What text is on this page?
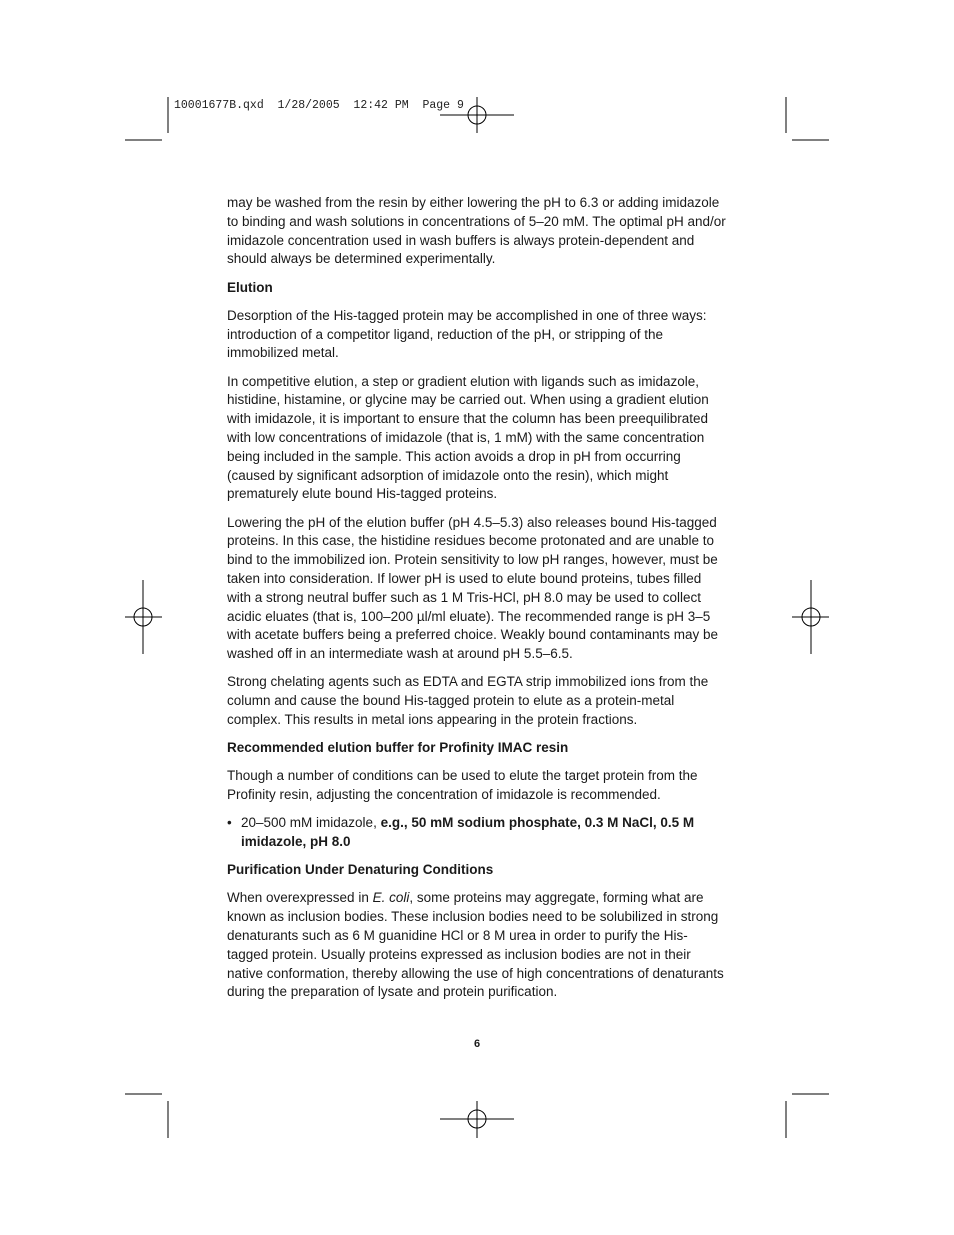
10001677B.qxd  1/28/2005  12:42 PM  Page 9

may be washed from the resin by either lowering the pH to 6.3 or adding imidazole to binding and wash solutions in concentrations of 5–20 mM. The optimal pH and/or imidazole concentration used in wash buffers is always protein-dependent and should always be determined experimentally.

Elution

Desorption of the His-tagged protein may be accomplished in one of three ways: introduction of a competitor ligand, reduction of the pH, or stripping of the immobilized metal.

In competitive elution, a step or gradient elution with ligands such as imidazole, histidine, histamine, or glycine may be carried out. When using a gradient elution with imidazole, it is important to ensure that the column has been preequilibrated with low concentrations of imidazole (that is, 1 mM) with the same concentration being included in the sample. This action avoids a drop in pH from occurring (caused by significant adsorption of imidazole onto the resin), which might prematurely elute bound His-tagged proteins.

Lowering the pH of the elution buffer (pH 4.5–5.3) also releases bound His-tagged proteins. In this case, the histidine residues become protonated and are unable to bind to the immobilized ion. Protein sensitivity to low pH ranges, however, must be taken into consideration. If lower pH is used to elute bound proteins, tubes filled with a strong neutral buffer such as 1 M Tris-HCl, pH 8.0 may be used to collect acidic eluates (that is, 100–200 µl/ml eluate). The recommended range is pH 3–5 with acetate buffers being a preferred choice. Weakly bound contaminants may be washed off in an intermediate wash at around pH 5.5–6.5.

Strong chelating agents such as EDTA and EGTA strip immobilized ions from the column and cause the bound His-tagged protein to elute as a protein-metal complex. This results in metal ions appearing in the protein fractions.

Recommended elution buffer for Profinity IMAC resin

Though a number of conditions can be used to elute the target protein from the Profinity resin, adjusting the concentration of imidazole is recommended.

• 20–500 mM imidazole, e.g., 50 mM sodium phosphate, 0.3 M NaCl, 0.5 M imidazole, pH 8.0
Purification Under Denaturing Conditions

When overexpressed in E. coli, some proteins may aggregate, forming what are known as inclusion bodies. These inclusion bodies need to be solubilized in strong denaturants such as 6 M guanidine HCl or 8 M urea in order to purify the His-tagged protein. Usually proteins expressed as inclusion bodies are not in their native conformation, thereby allowing the use of high concentrations of denaturants during the preparation of lysate and protein purification.

6
